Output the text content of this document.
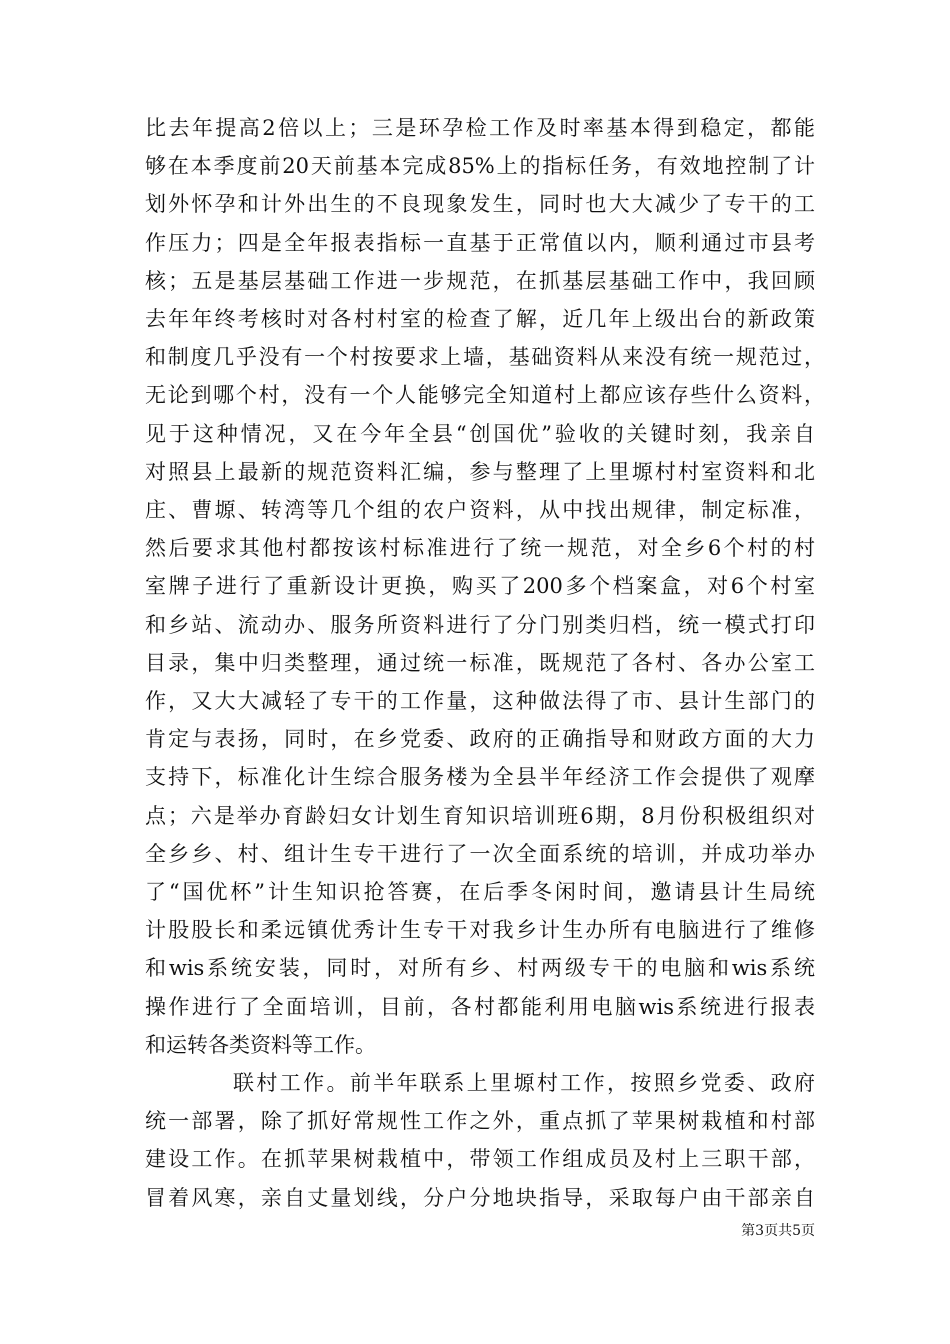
比去年提高2倍以上；三是环孕检工作及时率基本得到稳定，都能
够在本季度前20天前基本完成85%上的指标任务，有效地控制了计
划外怀孕和计外出生的不良现象发生，同时也大大减少了专干的工
作压力；四是全年报表指标一直基于正常值以内，顺利通过市县考
核；五是基层基础工作进一步规范，在抓基层基础工作中，我回顾
去年年终考核时对各村村室的检查了解，近几年上级出台的新政策
和制度几乎没有一个村按要求上墙，基础资料从来没有统一规范过，
无论到哪个村，没有一个人能够完全知道村上都应该存些什么资料，
见于这种情况，又在今年全县“创国优”验收的关键时刻，我亲自
对照县上最新的规范资料汇编，参与整理了上里塬村村室资料和北
庄、曹塬、转湾等几个组的农户资料，从中找出规律，制定标准，
然后要求其他村都按该村标准进行了统一规范，对全乡6个村的村
室牌子进行了重新设计更换，购买了200多个档案盒，对6个村室
和乡站、流动办、服务所资料进行了分门别类归档，统一模式打印
目录，集中归类整理，通过统一标准，既规范了各村、各办公室工
作，又大大减轻了专干的工作量，这种做法得了市、县计生部门的
肯定与表扬，同时，在乡党委、政府的正确指导和财政方面的大力
支持下，标准化计生综合服务楼为全县半年经济工作会提供了观摩
点；六是举办育龄妇女计划生育知识培训班6期，8月份积极组织对
全乡乡、村、组计生专干进行了一次全面系统的培训，并成功举办
了“国优杯”计生知识抢答赛，在后季冬闲时间，邀请县计生局统
计股股长和柔远镇优秀计生专干对我乡计生办所有电脑进行了维修
和wis系统安装，同时，对所有乡、村两级专干的电脑和wis系统
操作进行了全面培训，目前，各村都能利用电脑wis系统进行报表
和运转各类资料等工作。
联村工作。前半年联系上里塬村工作，按照乡党委、政府
统一部署，除了抓好常规性工作之外，重点抓了苹果树栽植和村部
建设工作。在抓苹果树栽植中，带领工作组成员及村上三职干部，
冒着风寒，亲自丈量划线，分户分地块指导，采取每户由干部亲自
第3页共5页
